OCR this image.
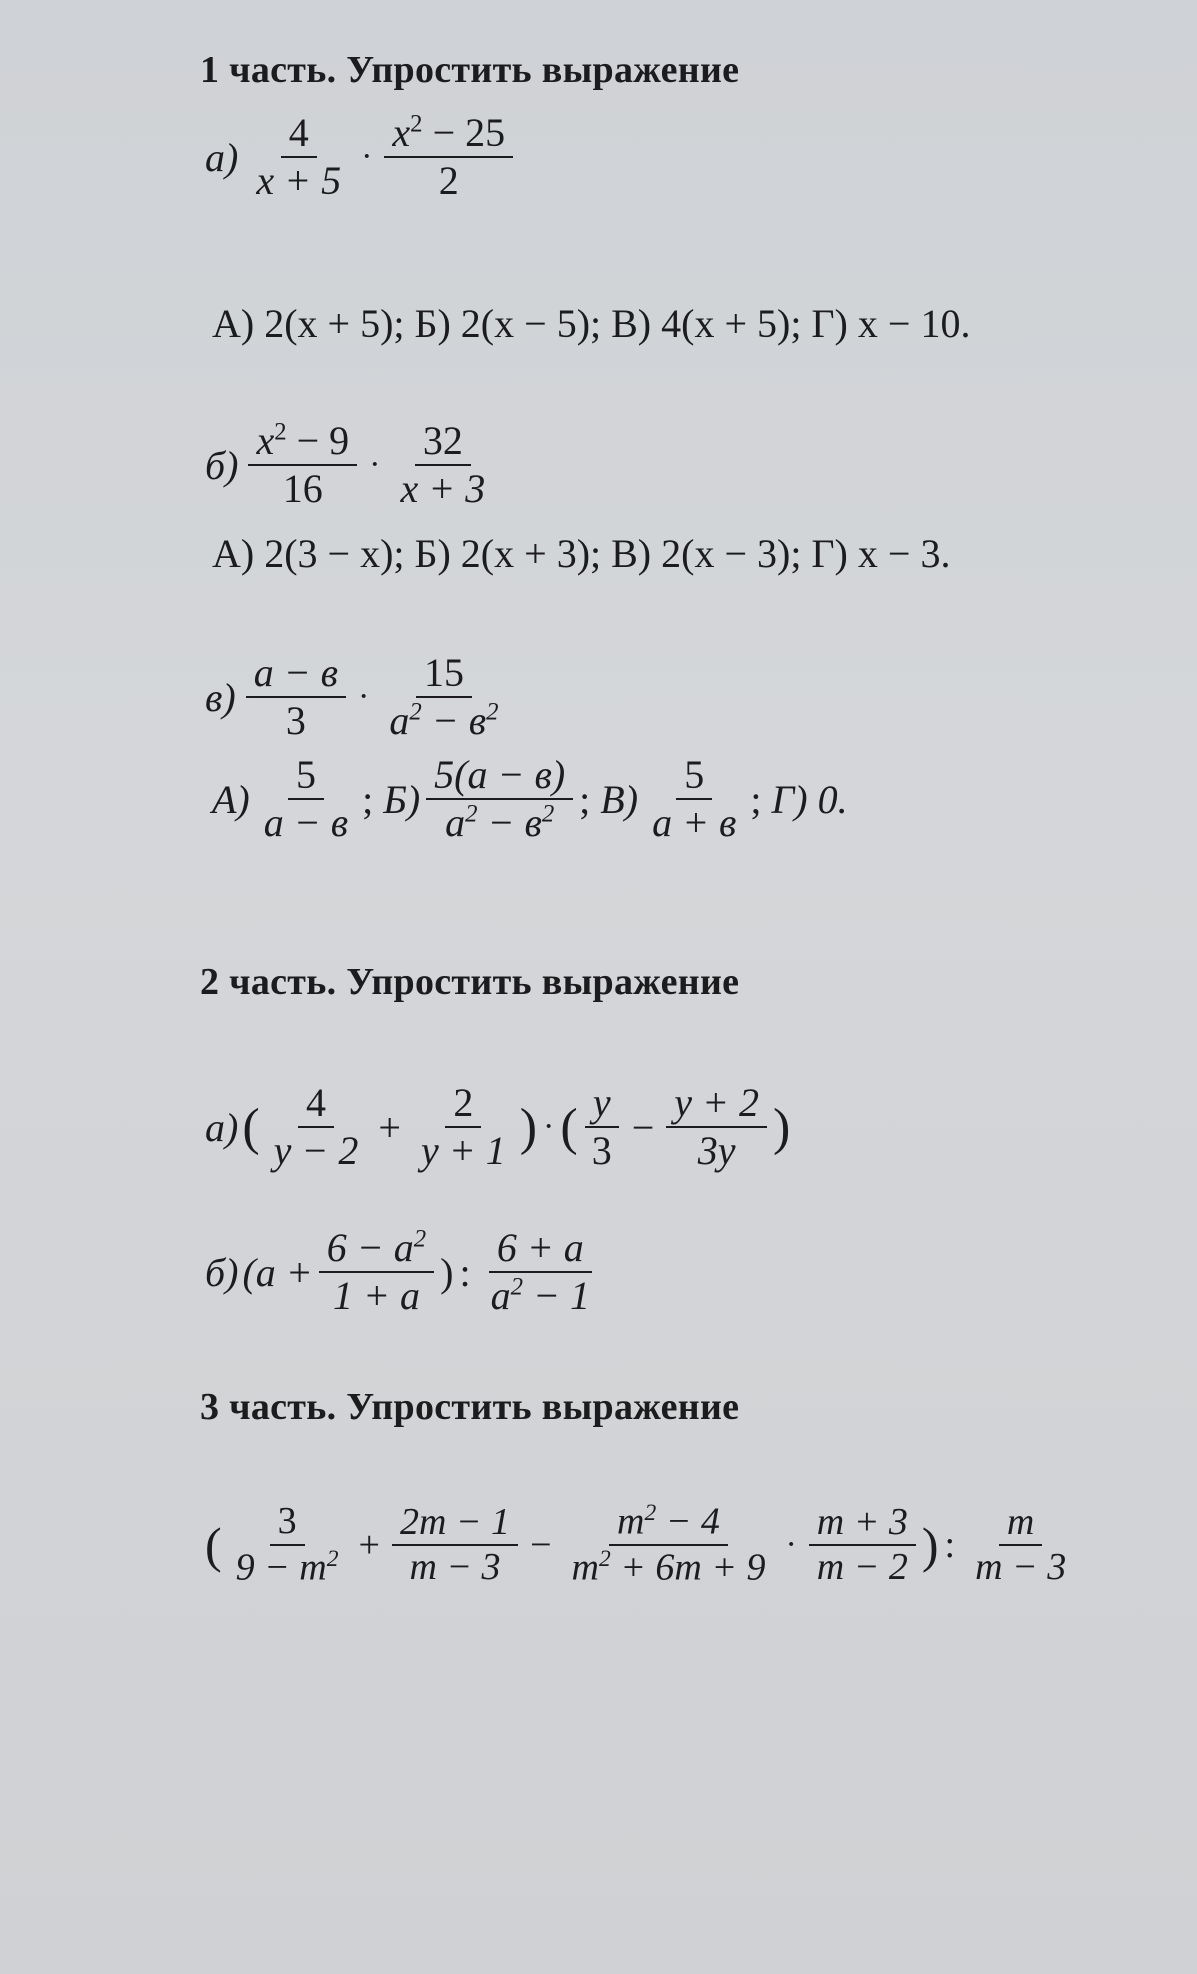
1 часть. Упростить выражение
$а) \frac{4}{x + 5} \cdot \frac{x^2 - 25}{2}$
А) 2(x + 5); Б) 2(x − 5); В) 4(x + 5); Г) x − 10.
$б) \frac{x^2 - 9}{16} \cdot \frac{32}{x + 3}$
А) 2(3 − x); Б) 2(x + 3); В) 2(x − 3); Г) x − 3.
$в) \frac{а - в}{3} \cdot \frac{15}{а^2 - в^2}$
$А) \frac{5}{а - в}$ ; $Б) \frac{5(а - в)}{а^2 - в^2}$ ; $В) \frac{5}{а + в}$ ; Г) 0.
2 часть. Упростить выражение
а) ( $\frac{4}{y - 2} + \frac{2}{y + 1}$ ) · ( $\frac{y}{3} - \frac{y + 2}{3y}$ )
б) ($а + \frac{6 - а^2}{1 + а}$ ) : $\frac{6 + а}{а^2 - 1}$
3 часть. Упростить выражение
( $\frac{3}{9 - m^2} + \frac{2m - 1}{m - 3} - \frac{m^2 - 4}{m^2 + 6m + 9} \cdot \frac{m + 3}{m - 2}$ ) : $\frac{m}{m - 3}$
